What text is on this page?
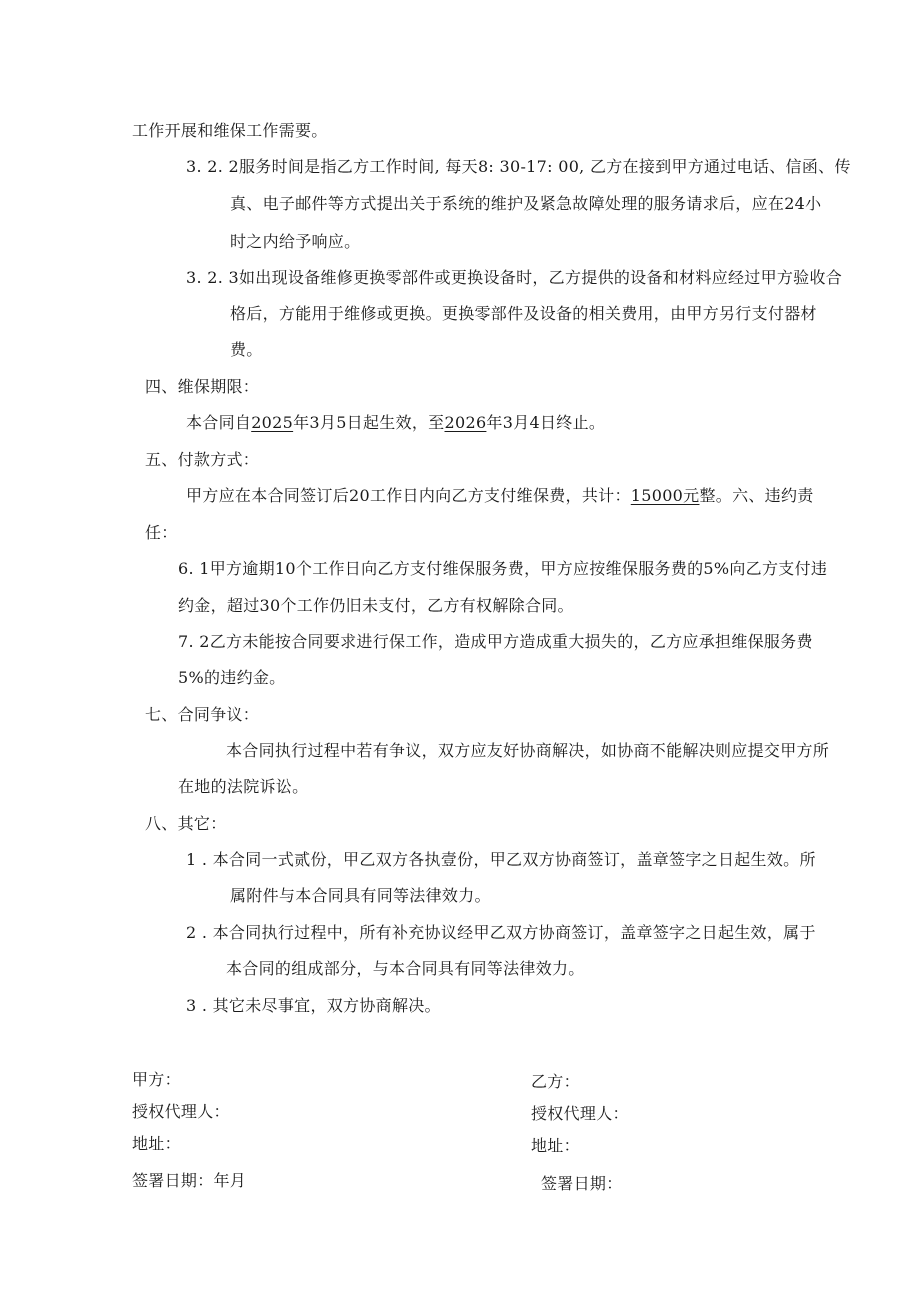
工作开展和维保工作需要。
3. 2. 2服务时间是指乙方工作时间, 每天8: 30-17: 00, 乙方在接到甲方通过电话、信函、传
真、电子邮件等方式提出关于系统的维护及紧急故障处理的服务请求后，应在24小
时之内给予响应。
3. 2. 3如出现设备维修更换零部件或更换设备时，乙方提供的设备和材料应经过甲方验收合
格后，方能用于维修或更换。更换零部件及设备的相关费用，由甲方另行支付器材
费。
四、维保期限：
本合同自2025年3月5日起生效，至2026年3月4日终止。
五、付款方式：
甲方应在本合同签订后20工作日内向乙方支付维保费，共计：15000元整。六、违约责
任：
6. 1甲方逾期10个工作日向乙方支付维保服务费，甲方应按维保服务费的5%向乙方支付违
约金，超过30个工作仍旧未支付，乙方有权解除合同。
7. 2乙方未能按合同要求进行保工作，造成甲方造成重大损失的，乙方应承担维保服务费
5%的违约金。
七、合同争议：
本合同执行过程中若有争议，双方应友好协商解决，如协商不能解决则应提交甲方所
在地的法院诉讼。
八、其它：
1 . 本合同一式贰份，甲乙双方各执壹份，甲乙双方协商签订，盖章签字之日起生效。所
属附件与本合同具有同等法律效力。
2 . 本合同执行过程中，所有补充协议经甲乙双方协商签订，盖章签字之日起生效，属于
本合同的组成部分，与本合同具有同等法律效力。
3 . 其它未尽事宜，双方协商解决。
甲方：
授权代理人：
地址：
签署日期：年月
乙方：
授权代理人：
地址：
签署日期：
